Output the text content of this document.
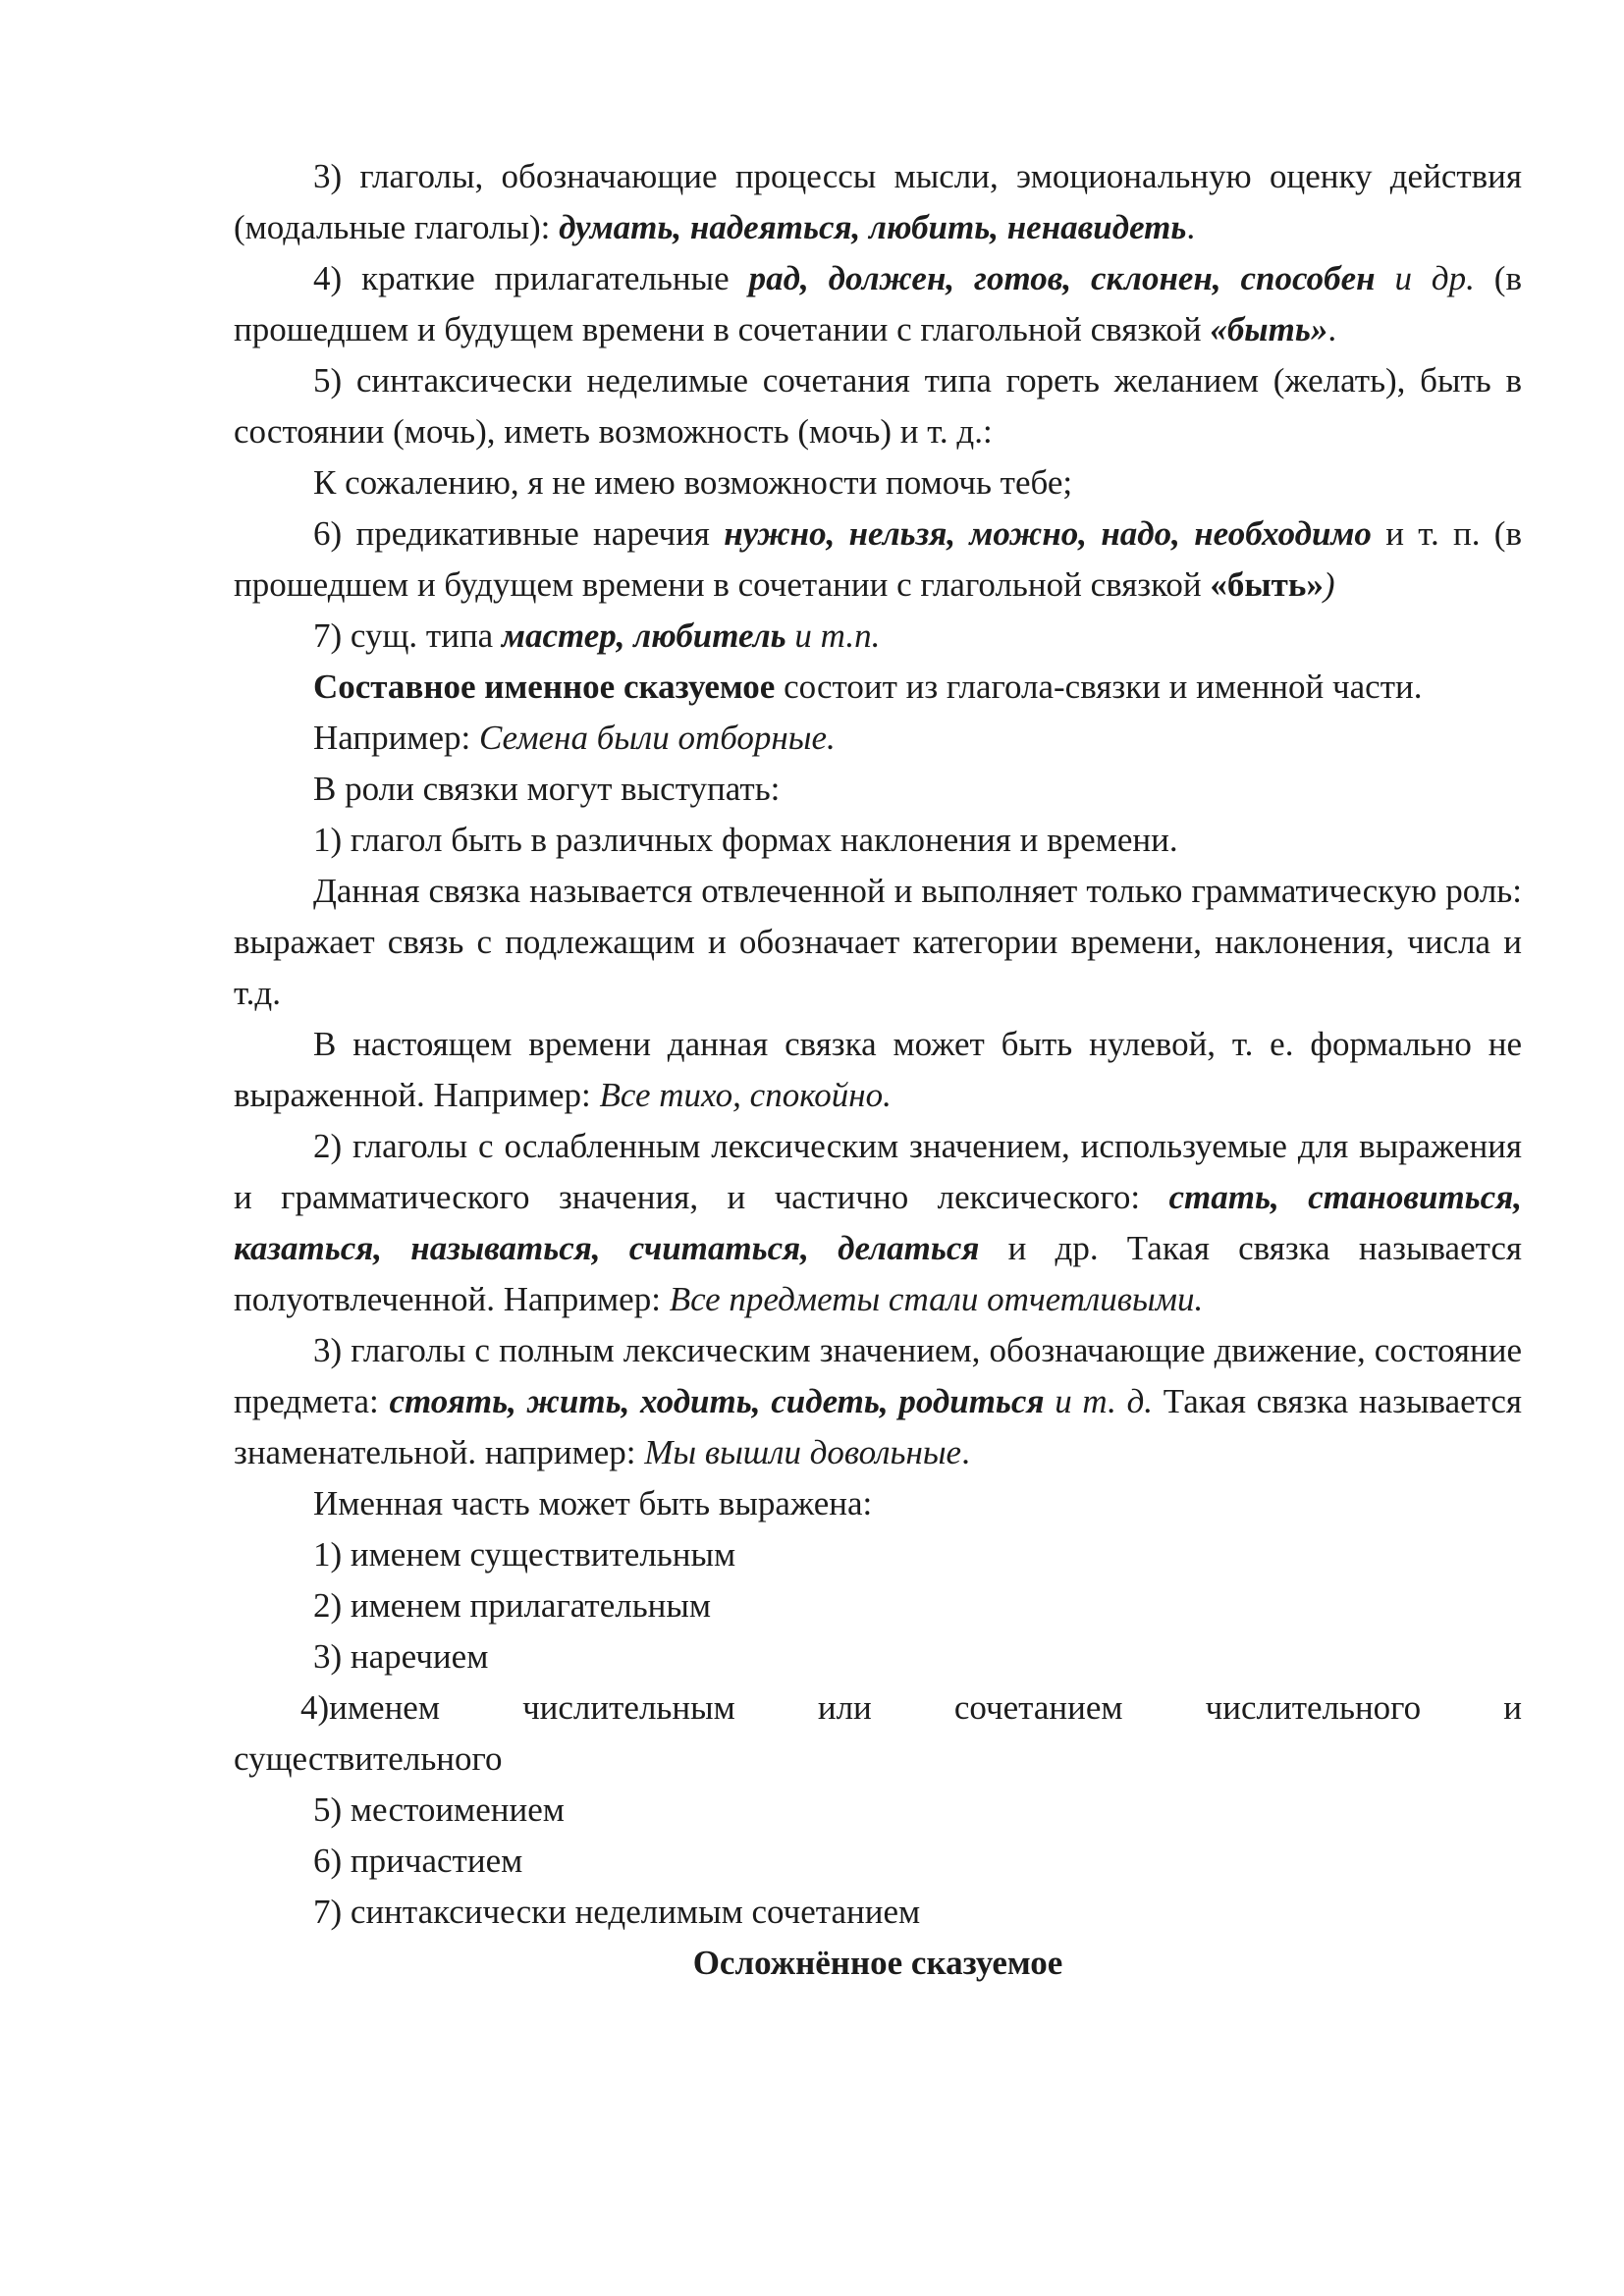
3) глаголы, обозначающие процессы мысли, эмоциональную оценку действия (модальные глаголы): думать, надеяться, любить, ненавидеть.

4) краткие прилагательные рад, должен, готов, склонен, способен и др. (в прошедшем и будущем времени в сочетании с глагольной связкой «быть».

5) синтаксически неделимые сочетания типа гореть желанием (желать), быть в состоянии (мочь), иметь возможность (мочь) и т. д.:

К сожалению, я не имею возможности помочь тебе;

6) предикативные наречия нужно, нельзя, можно, надо, необходимо и т. п. (в прошедшем и будущем времени в сочетании с глагольной связкой «быть»)

7) сущ. типа мастер, любитель и т.п.

Составное именное сказуемое состоит из глагола-связки и именной части.

Например: Семена были отборные.

В роли связки могут выступать:

1) глагол быть в различных формах наклонения и времени.

Данная связка называется отвлеченной и выполняет только грамматическую роль: выражает связь с подлежащим и обозначает категории времени, наклонения, числа и т.д.

В настоящем времени данная связка может быть нулевой, т. е. формально не выраженной. Например: Все тихо, спокойно.

2) глаголы с ослабленным лексическим значением, используемые для выражения и грамматического значения, и частично лексического: стать, становиться, казаться, называться, считаться, делаться и др. Такая связка называется полуотвлеченной. Например: Все предметы стали отчетливыми.

3) глаголы с полным лексическим значением, обозначающие движение, состояние предмета: стоять, жить, ходить, сидеть, родиться и т. д. Такая связка называется знаменательной. например: Мы вышли довольные.

Именная часть может быть выражена:

1) именем существительным

2) именем прилагательным

3) наречием

4)именем числительным или сочетанием числительного и
существительного

5) местоимением

6) причастием

7) синтаксически неделимым сочетанием

Осложнённое сказуемое
